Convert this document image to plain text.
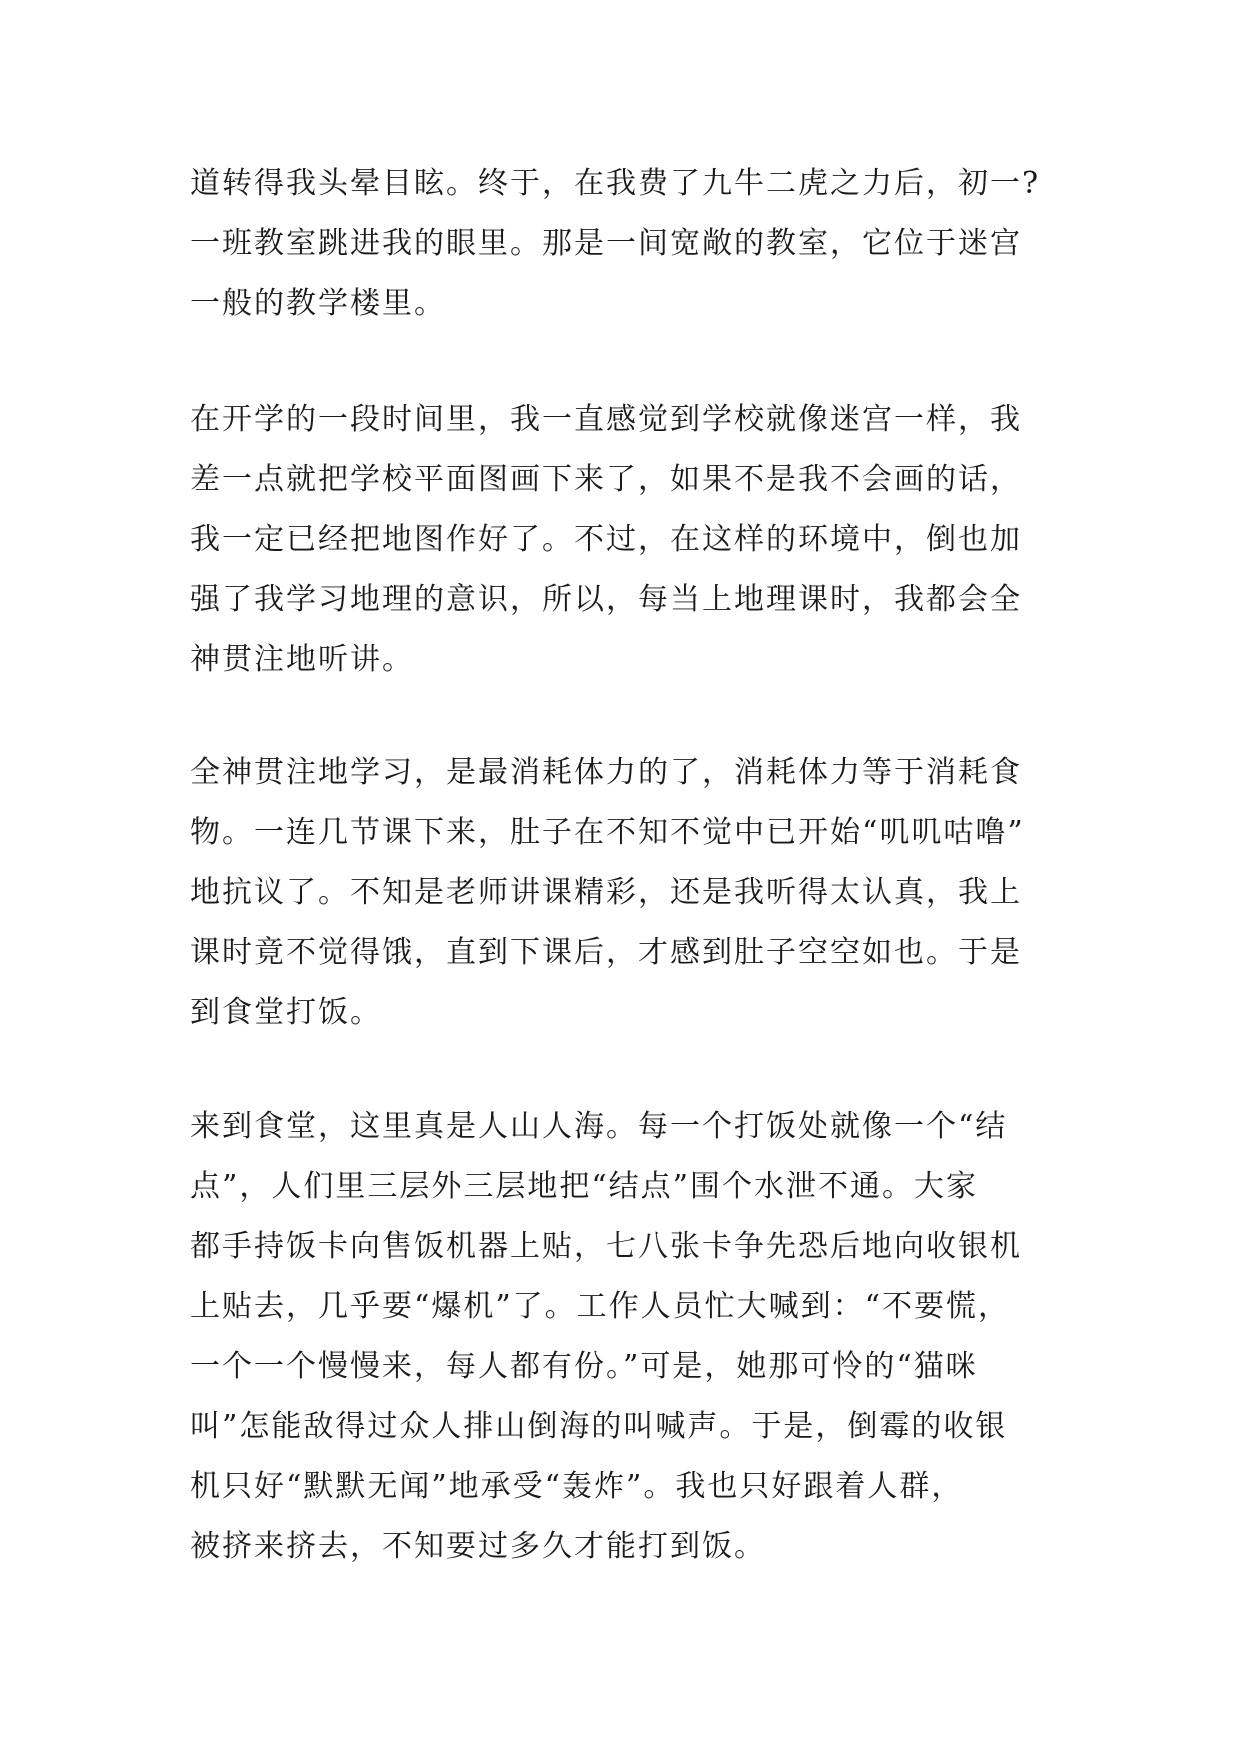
道转得我头晕目眩。终于，在我费了九牛二虎之力后，初一?
一班教室跳进我的眼里。那是一间宽敞的教室，它位于迷宫
一般的教学楼里。
在开学的一段时间里，我一直感觉到学校就像迷宫一样，我
差一点就把学校平面图画下来了，如果不是我不会画的话，
我一定已经把地图作好了。不过，在这样的环境中，倒也加
强了我学习地理的意识，所以，每当上地理课时，我都会全
神贯注地听讲。
全神贯注地学习，是最消耗体力的了，消耗体力等于消耗食
物。一连几节课下来，肚子在不知不觉中已开始“叽叽咕噜”
地抗议了。不知是老师讲课精彩，还是我听得太认真，我上
课时竟不觉得饿，直到下课后，才感到肚子空空如也。于是
到食堂打饭。
来到食堂，这里真是人山人海。每一个打饭处就像一个“结
点”，人们里三层外三层地把“结点”围个水泄不通。大家
都手持饭卡向售饭机器上贴，七八张卡争先恐后地向收银机
上贴去，几乎要“爆机”了。工作人员忙大喊到：“不要慌，
一个一个慢慢来，每人都有份。”可是，她那可怜的“猫咪
叫”怎能敌得过众人排山倒海的叫喊声。于是，倒霉的收银
机只好“默默无闻”地承受“轰炸”。我也只好跟着人群，
被挤来挤去，不知要过多久才能打到饭。
